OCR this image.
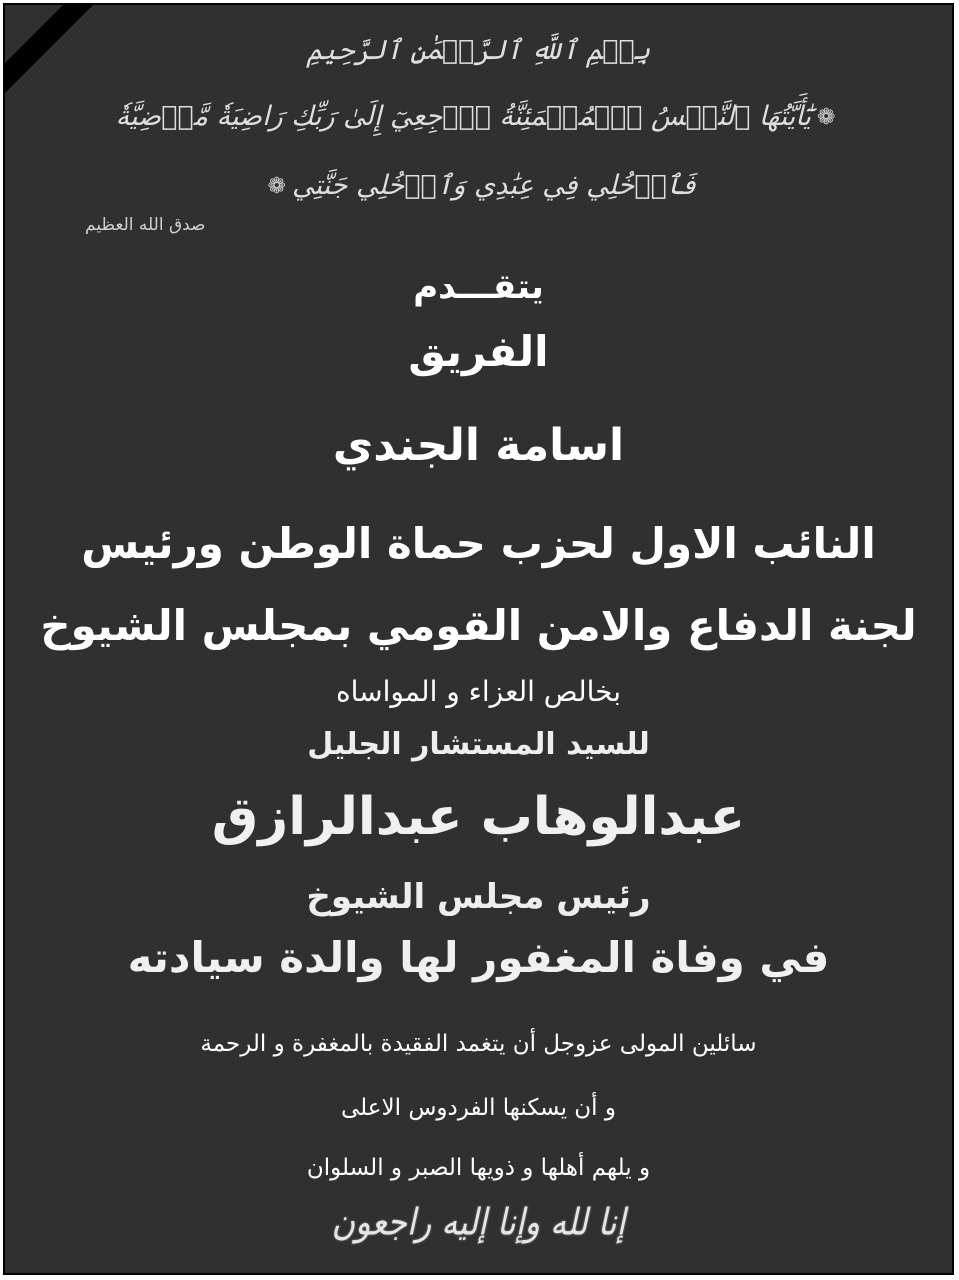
بِسۡمِ ٱللَّهِ ٱلرَّحۡمَٰنِ ٱلرَّحِيمِ
❁يَٰٓأَيَّتُهَا ٱلنَّفۡسُ ٱلۡمُطۡمَئِنَّةُ ٱرۡجِعِيٓ إِلَىٰ رَبِّكِ رَاضِيَةٗ مَّرۡضِيَّةٗ
فَٱدۡخُلِي فِي عِبَٰدِي وَٱدۡخُلِي جَنَّتِي❁
صدق الله العظيم
يتقـــدم
الفريق
اسامة الجندي
النائب الاول لحزب حماة الوطن ورئيس
لجنة الدفاع والامن القومي بمجلس الشيوخ
بخالص العزاء و المواساه
للسيد المستشار الجليل
عبدالوهاب عبدالرازق
رئيس مجلس الشيوخ
في وفاة المغفور لها والدة سيادته
سائلين المولى عزوجل أن يتغمد الفقيدة بالمغفرة و الرحمة
و أن يسكنها الفردوس الاعلى
و يلهم أهلها و ذويها الصبر و السلوان
إنا لله وإنا إليه راجعون
